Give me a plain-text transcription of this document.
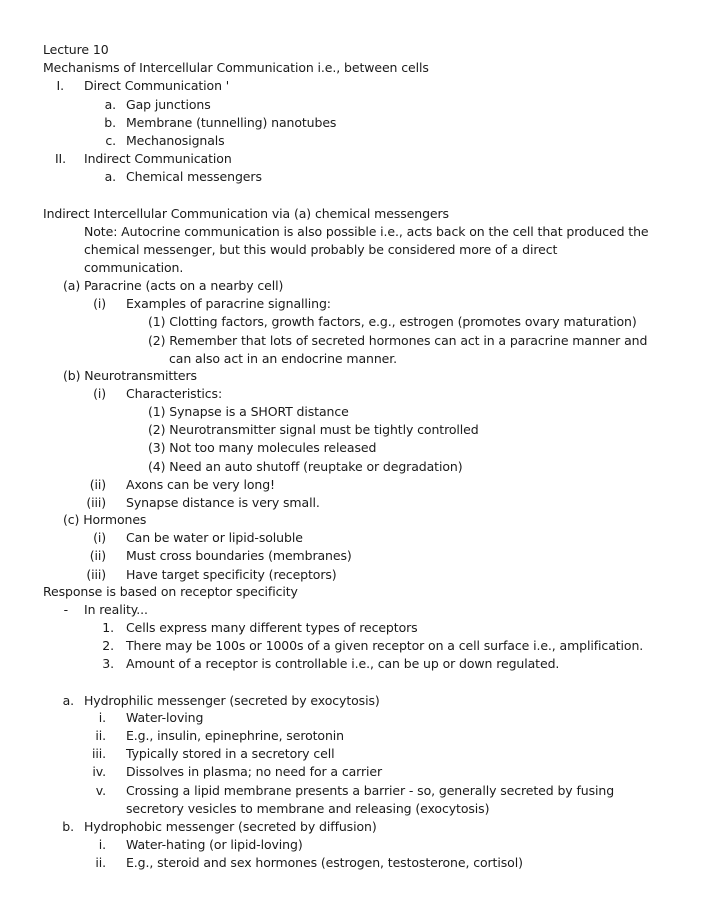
Lecture 10
Mechanisms of Intercellular Communication i.e., between cells
I. Direct Communication '
a. Gap junctions
b. Membrane (tunnelling) nanotubes
c. Mechanosignals
II. Indirect Communication
a. Chemical messengers
Indirect Intercellular Communication via (a) chemical messengers
Note: Autocrine communication is also possible i.e., acts back on the cell that produced the
chemical messenger, but this would probably be considered more of a direct
communication.
(a) Paracrine (acts on a nearby cell)
(i) Examples of paracrine signalling:
(1) Clotting factors, growth factors, e.g., estrogen (promotes ovary maturation)
(2) Remember that lots of secreted hormones can act in a paracrine manner and
can also act in an endocrine manner.
(b) Neurotransmitters
(i) Characteristics:
(1) Synapse is a SHORT distance
(2) Neurotransmitter signal must be tightly controlled
(3) Not too many molecules released
(4) Need an auto shutoff (reuptake or degradation)
(ii) Axons can be very long!
(iii) Synapse distance is very small.
(c) Hormones
(i) Can be water or lipid-soluble
(ii) Must cross boundaries (membranes)
(iii) Have target specificity (receptors)
Response is based on receptor specificity
- In reality...
1. Cells express many different types of receptors
2. There may be 100s or 1000s of a given receptor on a cell surface i.e., amplification.
3. Amount of a receptor is controllable i.e., can be up or down regulated.
a. Hydrophilic messenger (secreted by exocytosis)
i. Water-loving
ii. E.g., insulin, epinephrine, serotonin
iii. Typically stored in a secretory cell
iv. Dissolves in plasma; no need for a carrier
v. Crossing a lipid membrane presents a barrier - so, generally secreted by fusing
secretory vesicles to membrane and releasing (exocytosis)
b. Hydrophobic messenger (secreted by diffusion)
i. Water-hating (or lipid-loving)
ii. E.g., steroid and sex hormones (estrogen, testosterone, cortisol)
